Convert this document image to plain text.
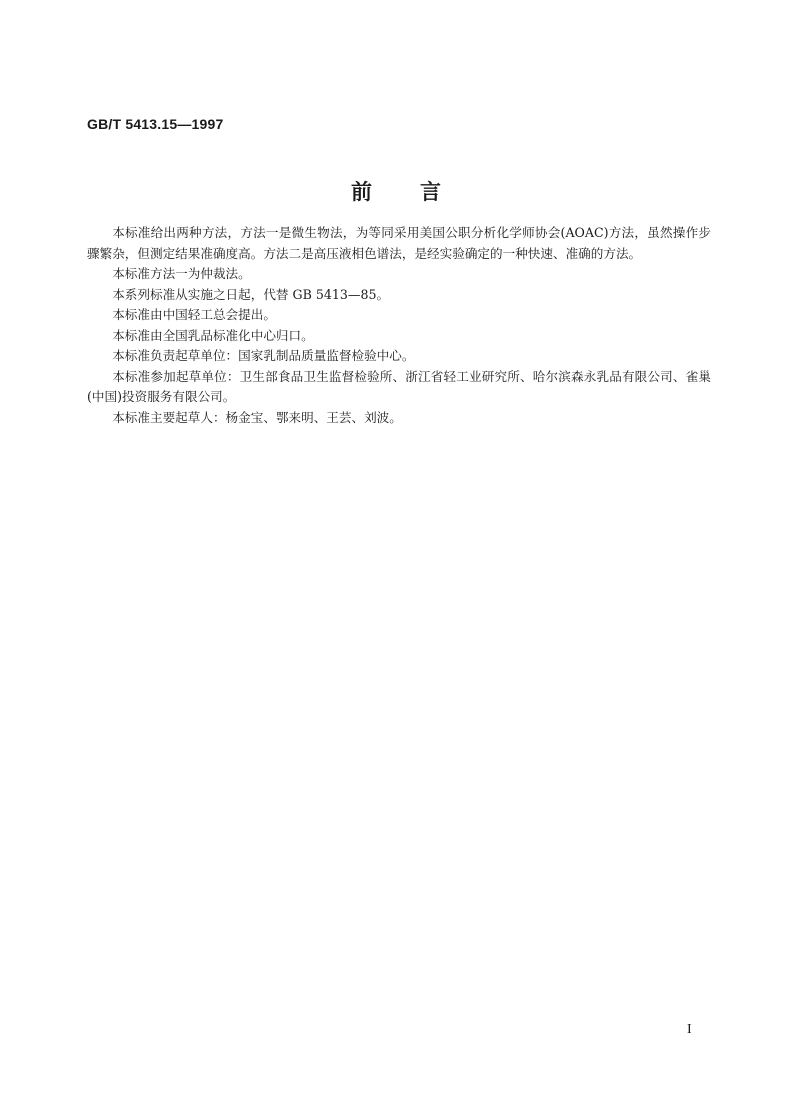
GB/T 5413.15—1997
前言

本标准给出两种方法，方法一是微生物法，为等同采用美国公职分析化学师协会(AOAC)方法，虽然操作步骤繁杂，但测定结果准确度高。方法二是高压液相色谱法，是经实验确定的一种快速、准确的方法。

本标准方法一为仲裁法。

本系列标准从实施之日起，代替 GB 5413—85。

本标准由中国轻工总会提出。

本标准由全国乳品标准化中心归口。

本标准负责起草单位：国家乳制品质量监督检验中心。

本标准参加起草单位：卫生部食品卫生监督检验所、浙江省轻工业研究所、哈尔滨森永乳品有限公司、雀巢(中国)投资服务有限公司。

本标准主要起草人：杨金宝、鄂来明、王芸、刘波。

I
